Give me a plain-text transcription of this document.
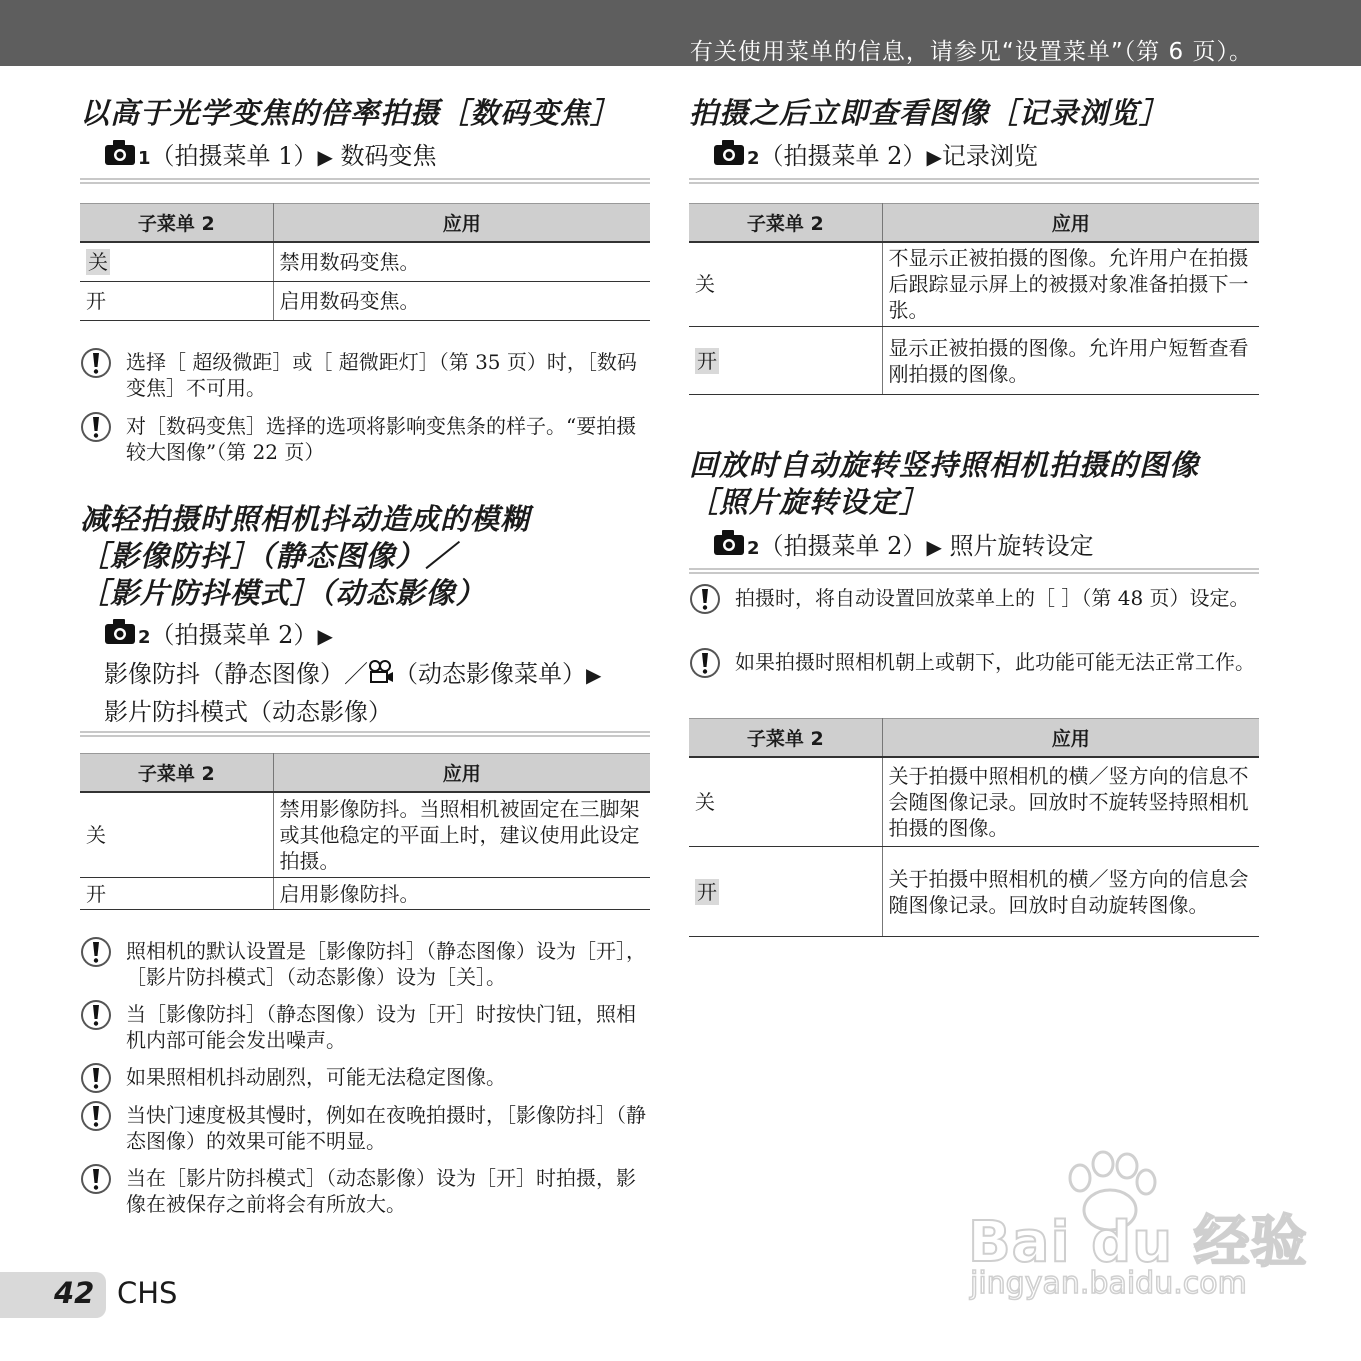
有关使用菜单的信息，请参见“设置菜单”（第 6 页）。
以高于光学变焦的倍率拍摄［数码变焦］
1（拍摄菜单 1）▶ 数码变焦
子菜单 2	应用
关	禁用数码变焦。
开	启用数码变焦。
选择［ 超级微距］或［ 超微距灯］（第 35 页）时，［数码变焦］不可用。
对［数码变焦］选择的选项将影响变焦条的样子。“要拍摄较大图像”（第 22 页）
减轻拍摄时照相机抖动造成的模糊
［影像防抖］（静态图像）／
［影片防抖模式］（动态影像）
2（拍摄菜单 2）▶
影像防抖（静态图像）／ （动态影像菜单）▶
影片防抖模式（动态影像）
子菜单 2	应用
关	禁用影像防抖。当照相机被固定在三脚架或其他稳定的平面上时，建议使用此设定拍摄。
开	启用影像防抖。
照相机的默认设置是［影像防抖］（静态图像）设为［开］，［影片防抖模式］（动态影像）设为［关］。
当［影像防抖］（静态图像）设为［开］时按快门钮，照相机内部可能会发出噪声。
如果照相机抖动剧烈，可能无法稳定图像。
当快门速度极其慢时，例如在夜晚拍摄时，［影像防抖］（静态图像）的效果可能不明显。
当在［影片防抖模式］（动态影像）设为［开］时拍摄，影像在被保存之前将会有所放大。
拍摄之后立即查看图像［记录浏览］
2（拍摄菜单 2）▶记录浏览
子菜单 2	应用
关	不显示正被拍摄的图像。允许用户在拍摄后跟踪显示屏上的被摄对象准备拍摄下一张。
开	显示正被拍摄的图像。允许用户短暂查看刚拍摄的图像。
回放时自动旋转竖持照相机拍摄的图像
［照片旋转设定］
2（拍摄菜单 2）▶ 照片旋转设定
拍摄时，将自动设置回放菜单上的［ ］（第 48 页）设定。
如果拍摄时照相机朝上或朝下，此功能可能无法正常工作。
子菜单 2	应用
关	关于拍摄中照相机的横／竖方向的信息不会随图像记录。回放时不旋转竖持照相机拍摄的图像。
开	关于拍摄中照相机的横／竖方向的信息会随图像记录。回放时自动旋转图像。
42 CHS
Bai du 经验
jingyan.baidu.com
